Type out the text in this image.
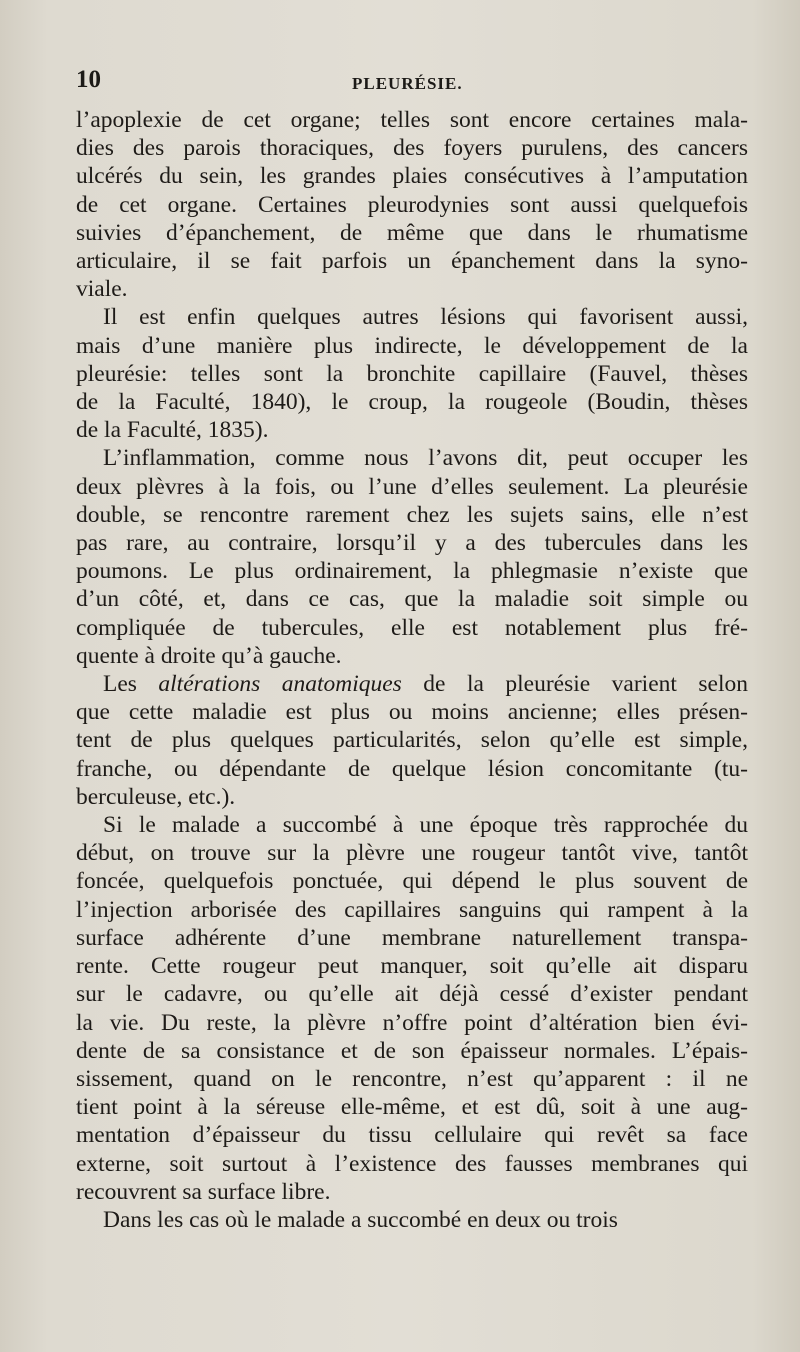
10	PLEURÉSIE.

l’apoplexie de cet organe; telles sont encore certaines mala-
dies des parois thoraciques, des foyers purulens, des cancers
ulcérés du sein, les grandes plaies consécutives à l’amputation
de cet organe. Certaines pleurodynies sont aussi quelquefois
suivies d’épanchement, de même que dans le rhumatisme
articulaire, il se fait parfois un épanchement dans la syno-
viale.

Il est enfin quelques autres lésions qui favorisent aussi,
mais d’une manière plus indirecte, le développement de la
pleurésie: telles sont la bronchite capillaire (Fauvel, thèses
de la Faculté, 1840), le croup, la rougeole (Boudin, thèses
de la Faculté, 1835).

L’inflammation, comme nous l’avons dit, peut occuper les
deux plèvres à la fois, ou l’une d’elles seulement. La pleurésie
double, se rencontre rarement chez les sujets sains, elle n’est
pas rare, au contraire, lorsqu’il y a des tubercules dans les
poumons. Le plus ordinairement, la phlegmasie n’existe que
d’un côté, et, dans ce cas, que la maladie soit simple ou
compliquée de tubercules, elle est notablement plus fré-
quente à droite qu’à gauche.

Les altérations anatomiques de la pleurésie varient selon
que cette maladie est plus ou moins ancienne; elles présen-
tent de plus quelques particularités, selon qu’elle est simple,
franche, ou dépendante de quelque lésion concomitante (tu-
berculeuse, etc.).

Si le malade a succombé à une époque très rapprochée du
début, on trouve sur la plèvre une rougeur tantôt vive, tantôt
foncée, quelquefois ponctuée, qui dépend le plus souvent de
l’injection arborisée des capillaires sanguins qui rampent à la
surface adhérente d’une membrane naturellement transpa-
rente. Cette rougeur peut manquer, soit qu’elle ait disparu
sur le cadavre, ou qu’elle ait déjà cessé d’exister pendant
la vie. Du reste, la plèvre n’offre point d’altération bien évi-
dente de sa consistance et de son épaisseur normales. L’épais-
sissement, quand on le rencontre, n’est qu’apparent : il ne
tient point à la séreuse elle-même, et est dû, soit à une aug-
mentation d’épaisseur du tissu cellulaire qui revêt sa face
externe, soit surtout à l’existence des fausses membranes qui
recouvrent sa surface libre.

Dans les cas où le malade a succombé en deux ou trois
